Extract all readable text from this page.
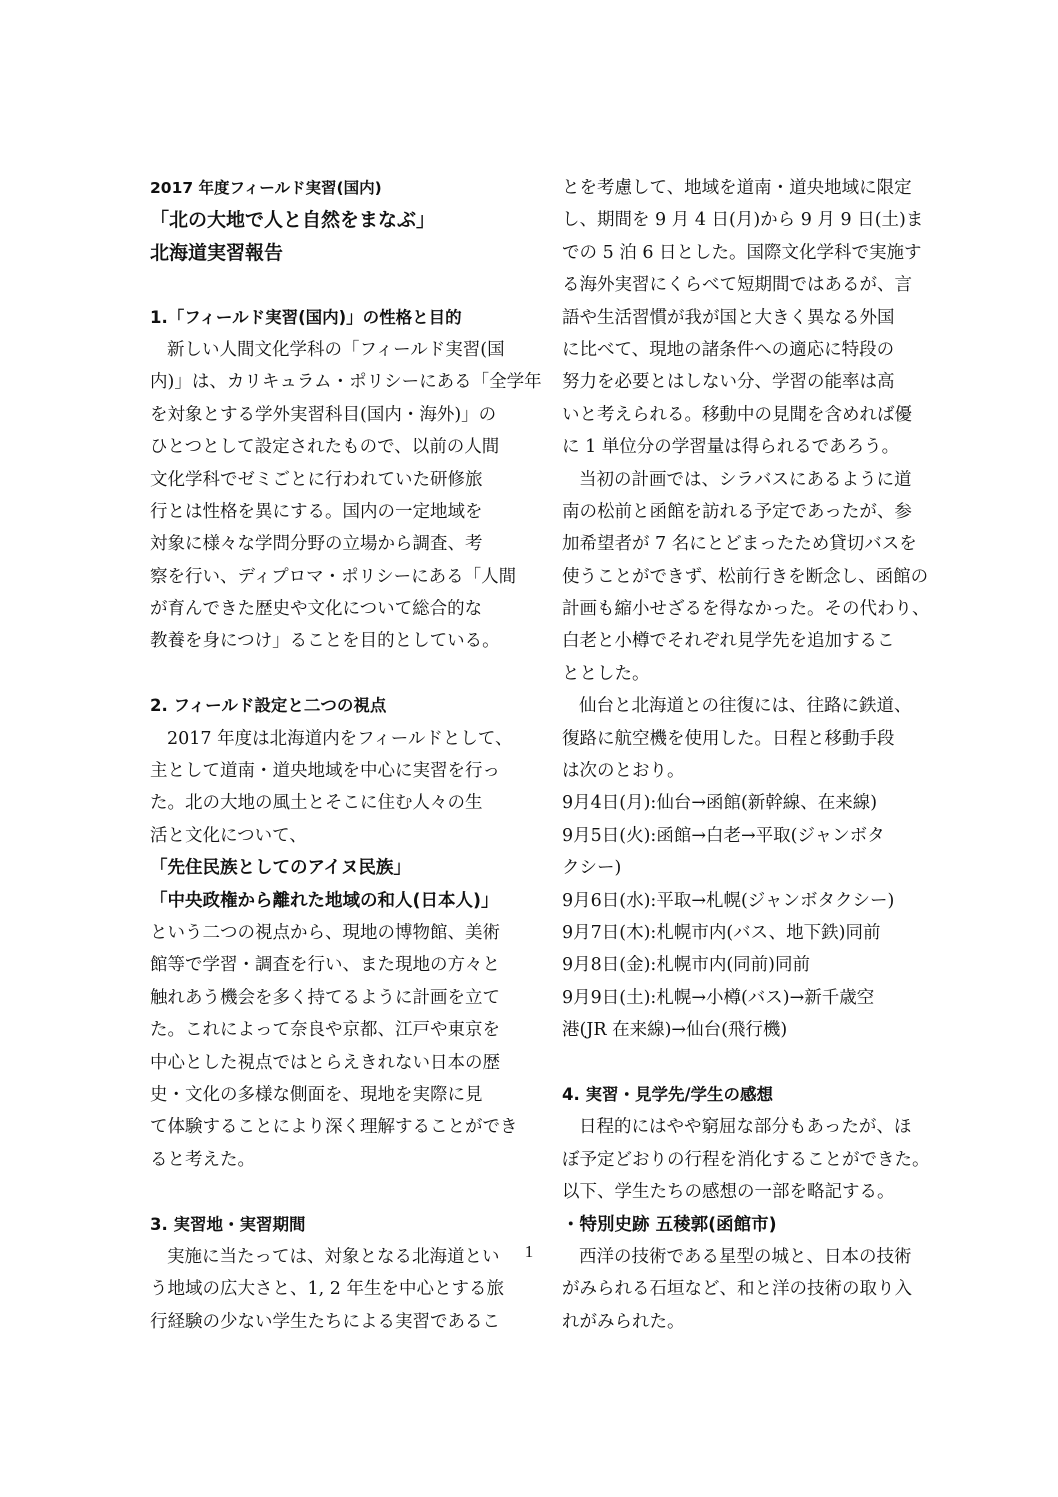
2017 年度フィールド実習(国内)
「北の大地で人と自然をまなぶ」
北海道実習報告
1.「フィールド実習(国内)」の性格と目的
新しい人間文化学科の「フィールド実習(国
内)」は、カリキュラム・ポリシーにある「全学年
を対象とする学外実習科目(国内・海外)」の
ひとつとして設定されたもので、以前の人間
文化学科でゼミごとに行われていた研修旅
行とは性格を異にする。国内の一定地域を
対象に様々な学問分野の立場から調査、考
察を行い、ディプロマ・ポリシーにある「人間
が育んできた歴史や文化について総合的な
教養を身につけ」ることを目的としている。
2. フィールド設定と二つの視点
2017 年度は北海道内をフィールドとして、
主として道南・道央地域を中心に実習を行っ
た。北の大地の風土とそこに住む人々の生
活と文化について、
「先住民族としてのアイヌ民族」
「中央政権から離れた地域の和人(日本人)」
という二つの視点から、現地の博物館、美術
館等で学習・調査を行い、また現地の方々と
触れあう機会を多く持てるように計画を立て
た。これによって奈良や京都、江戸や東京を
中心とした視点ではとらえきれない日本の歴
史・文化の多様な側面を、現地を実際に見
て体験することにより深く理解することができ
ると考えた。
3. 実習地・実習期間
実施に当たっては、対象となる北海道とい
う地域の広大さと、1, 2 年生を中心とする旅
行経験の少ない学生たちによる実習であるこ
とを考慮して、地域を道南・道央地域に限定
し、期間を 9 月 4 日(月)から 9 月 9 日(土)ま
での 5 泊 6 日とした。国際文化学科で実施す
る海外実習にくらべて短期間ではあるが、言
語や生活習慣が我が国と大きく異なる外国
に比べて、現地の諸条件への適応に特段の
努力を必要とはしない分、学習の能率は高
いと考えられる。移動中の見聞を含めれば優
に 1 単位分の学習量は得られるであろう。
当初の計画では、シラバスにあるように道
南の松前と函館を訪れる予定であったが、参
加希望者が 7 名にとどまったため貸切バスを
使うことができず、松前行きを断念し、函館の
計画も縮小せざるを得なかった。その代わり、
白老と小樽でそれぞれ見学先を追加するこ
ととした。
仙台と北海道との往復には、往路に鉄道、
復路に航空機を使用した。日程と移動手段
は次のとおり。
9月4日(月):仙台→函館(新幹線、在来線)
9月5日(火):函館→白老→平取(ジャンボタ
クシー)
9月6日(水):平取→札幌(ジャンボタクシー)
9月7日(木):札幌市内(バス、地下鉄)同前
9月8日(金):札幌市内(同前)同前
9月9日(土):札幌→小樽(バス)→新千歳空
港(JR 在来線)→仙台(飛行機)
4. 実習・見学先/学生の感想
日程的にはやや窮屈な部分もあったが、ほ
ぼ予定どおりの行程を消化することができた。
以下、学生たちの感想の一部を略記する。
・特別史跡 五稜郭(函館市)
西洋の技術である星型の城と、日本の技術
がみられる石垣など、和と洋の技術の取り入
れがみられた。
1
